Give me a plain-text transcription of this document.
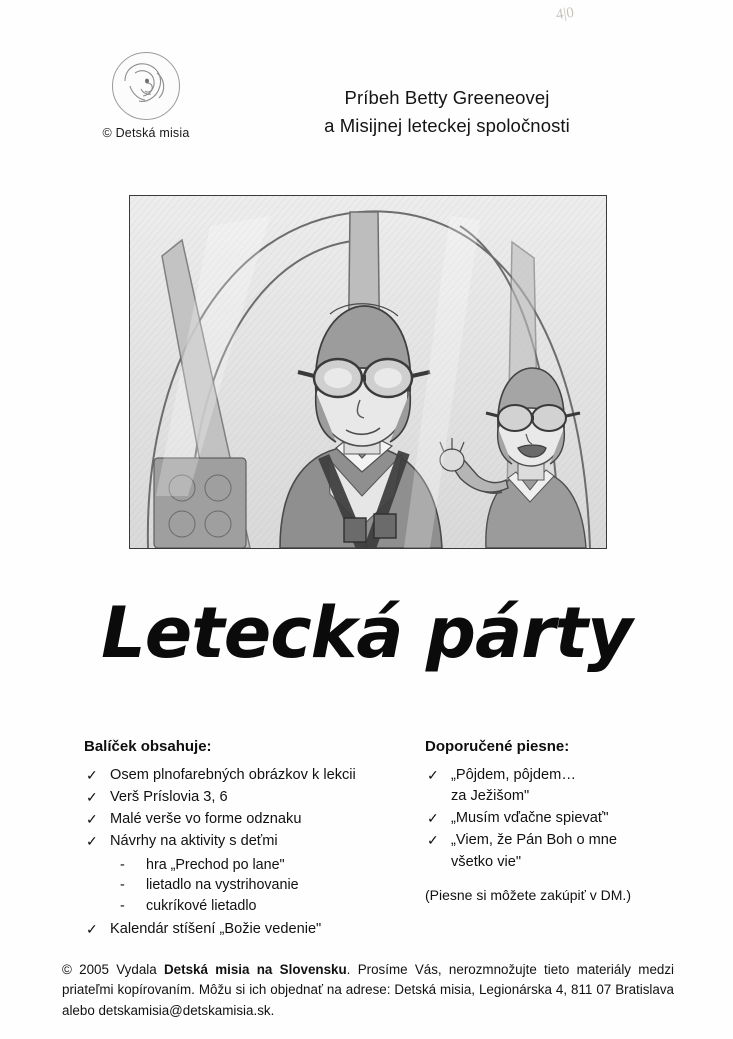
4|0
© Detská misia
Príbeh Betty Greeneovej
a Misijnej leteckej spoločnosti
Letecká párty
Balíček obsahuje:
✓ Osem plnofarebných obrázkov k lekcii
✓ Verš Príslovia 3, 6
✓ Malé verše vo forme odznaku
✓ Návrhy na aktivity s deťmi
- hra „Prechod po lane"
- lietadlo na vystrihovanie
- cukríkové lietadlo
✓ Kalendár stíšení „Božie vedenie"
Doporučené piesne:
✓ „Pôjdem, pôjdem…
za Ježišom"
✓ „Musím vďačne spievať"
✓ „Viem, že Pán Boh o mne
všetko vie"
(Piesne si môžete zakúpiť v DM.)
© 2005 Vydala Detská misia na Slovensku. Prosíme Vás, nerozmnožujte tieto materiály medzi priateľmi kopírovaním. Môžu si ich objednať na adrese: Detská misia, Legionárska 4, 811 07 Bratislava alebo detskamisia@detskamisia.sk.
